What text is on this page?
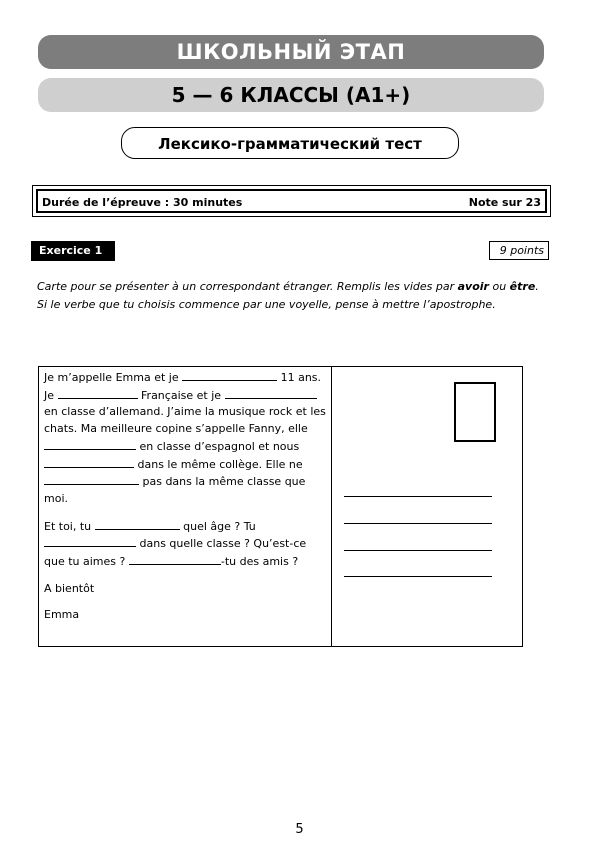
ШКОЛЬНЫЙ ЭТАП
5 — 6 КЛАССЫ (А1+)
Лексико-грамматический тест
Durée de l’épreuve : 30 minutes	Note sur 23
Exercice 1	9 points
Carte pour se présenter à un correspondant étranger. Remplis les vides par avoir ou être.
Si le verbe que tu choisis commence par une voyelle, pense à mettre l’apostrophe.

Je m’appelle Emma et je	11 ans. Je	Française et je  en classe d’allemand. J’aime la musique rock et les chats. Ma meilleure copine s’appelle Fanny, elle  en classe d’espagnol et nous  dans le même collège. Elle ne  pas dans la même classe que moi.

Et toi, tu	quel âge ? Tu  dans quelle classe ? Qu’est-ce que tu aimes ?	-tu des amis ?

A bientôt

Emma

5
